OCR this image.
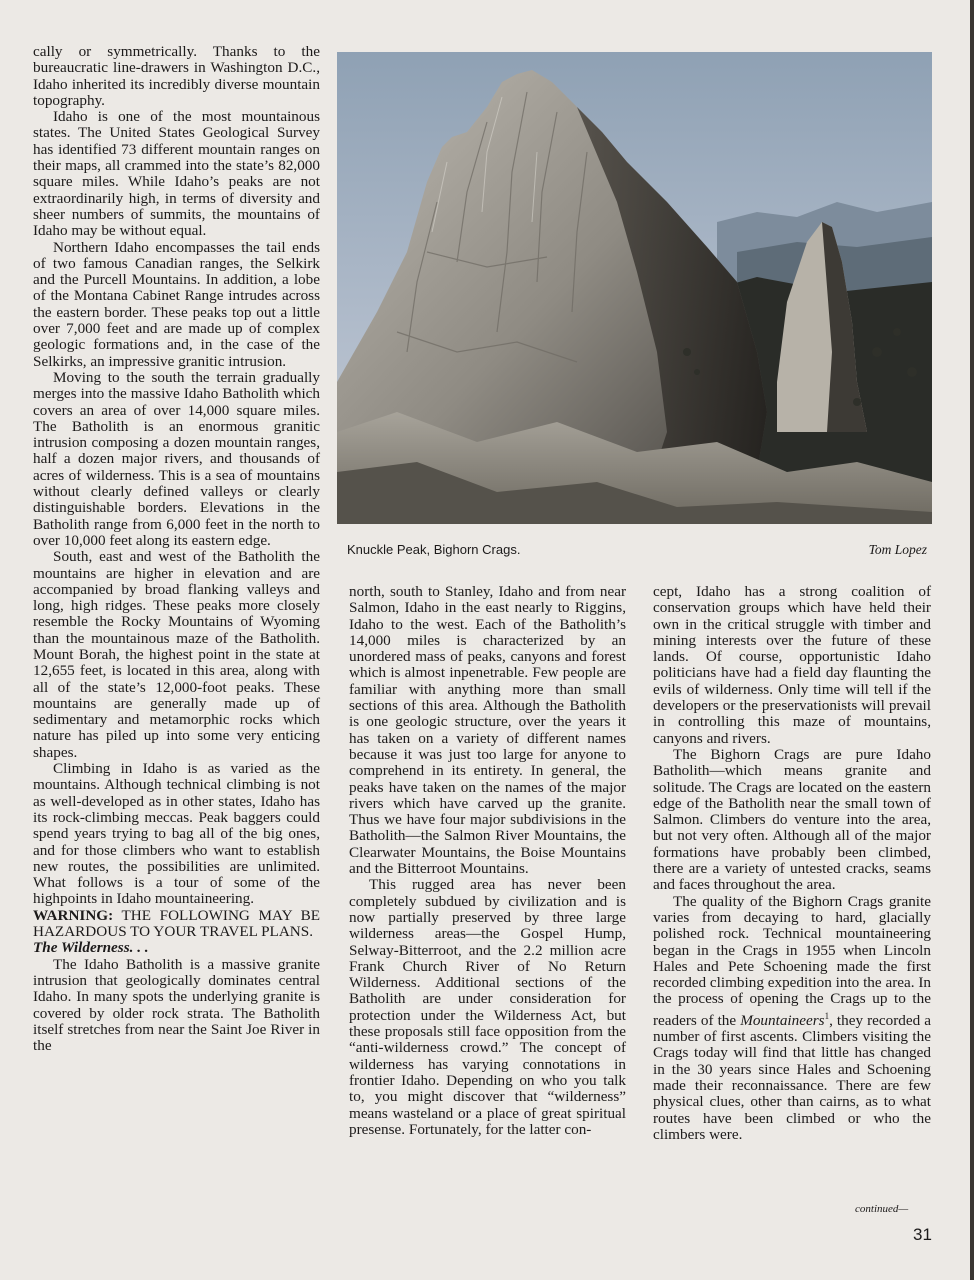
cally or symmetrically. Thanks to the bureaucratic line-drawers in Washington D.C., Idaho inherited its incredibly diverse mountain topography.

Idaho is one of the most mountainous states. The United States Geological Survey has identified 73 different mountain ranges on their maps, all crammed into the state’s 82,000 square miles. While Idaho’s peaks are not extraordinarily high, in terms of diversity and sheer numbers of summits, the mountains of Idaho may be without equal.

Northern Idaho encompasses the tail ends of two famous Canadian ranges, the Selkirk and the Purcell Mountains. In addition, a lobe of the Montana Cabinet Range intrudes across the eastern border. These peaks top out a little over 7,000 feet and are made up of complex geologic formations and, in the case of the Selkirks, an impressive granitic intrusion.

Moving to the south the terrain gradually merges into the massive Idaho Batholith which covers an area of over 14,000 square miles. The Batholith is an enormous granitic intrusion composing a dozen mountain ranges, half a dozen major rivers, and thousands of acres of wilderness. This is a sea of mountains without clearly defined valleys or clearly distinguishable borders. Elevations in the Batholith range from 6,000 feet in the north to over 10,000 feet along its eastern edge.

South, east and west of the Batholith the mountains are higher in elevation and are accompanied by broad flanking valleys and long, high ridges. These peaks more closely resemble the Rocky Mountains of Wyoming than the mountainous maze of the Batholith. Mount Borah, the highest point in the state at 12,655 feet, is located in this area, along with all of the state’s 12,000-foot peaks. These mountains are generally made up of sedimentary and metamorphic rocks which nature has piled up into some very enticing shapes.

Climbing in Idaho is as varied as the mountains. Although technical climbing is not as well-developed as in other states, Idaho has its rock-climbing meccas. Peak baggers could spend years trying to bag all of the big ones, and for those climbers who want to establish new routes, the possibilities are unlimited. What follows is a tour of some of the highpoints in Idaho mountaineering.

WARNING: THE FOLLOWING MAY BE HAZARDOUS TO YOUR TRAVEL PLANS.

The Wilderness. . .

The Idaho Batholith is a massive granite intrusion that geologically dominates central Idaho. In many spots the underlying granite is covered by older rock strata. The Batholith itself stretches from near the Saint Joe River in the

Knuckle Peak, Bighorn Crags.	Tom Lopez

north, south to Stanley, Idaho and from near Salmon, Idaho in the east nearly to Riggins, Idaho to the west. Each of the Batholith’s 14,000 miles is characterized by an unordered mass of peaks, canyons and forest which is almost inpenetrable. Few people are familiar with anything more than small sections of this area. Although the Batholith is one geologic structure, over the years it has taken on a variety of different names because it was just too large for anyone to comprehend in its entirety. In general, the peaks have taken on the names of the major rivers which have carved up the granite. Thus we have four major subdivisions in the Batholith—the Salmon River Mountains, the Clearwater Mountains, the Boise Mountains and the Bitterroot Mountains.

This rugged area has never been completely subdued by civilization and is now partially preserved by three large wilderness areas—the Gospel Hump, Selway-Bitterroot, and the 2.2 million acre Frank Church River of No Return Wilderness. Additional sections of the Batholith are under consideration for protection under the Wilderness Act, but these proposals still face opposition from the “anti-wilderness crowd.” The concept of wilderness has varying connotations in frontier Idaho. Depending on who you talk to, you might discover that “wilderness” means wasteland or a place of great spiritual presense. Fortunately, for the latter con-

cept, Idaho has a strong coalition of conservation groups which have held their own in the critical struggle with timber and mining interests over the future of these lands. Of course, opportunistic Idaho politicians have had a field day flaunting the evils of wilderness. Only time will tell if the developers or the preservationists will prevail in controlling this maze of mountains, canyons and rivers.

The Bighorn Crags are pure Idaho Batholith—which means granite and solitude. The Crags are located on the eastern edge of the Batholith near the small town of Salmon. Climbers do venture into the area, but not very often. Although all of the major formations have probably been climbed, there are a variety of untested cracks, seams and faces throughout the area.

The quality of the Bighorn Crags granite varies from decaying to hard, glacially polished rock. Technical mountaineering began in the Crags in 1955 when Lincoln Hales and Pete Schoening made the first recorded climbing expedition into the area. In the process of opening the Crags up to the readers of the Mountaineers$^1$, they recorded a number of first ascents. Climbers visiting the Crags today will find that little has changed in the 30 years since Hales and Schoening made their reconnaissance. There are few physical clues, other than cairns, as to what routes have been climbed or who the climbers were.

continued—
31
